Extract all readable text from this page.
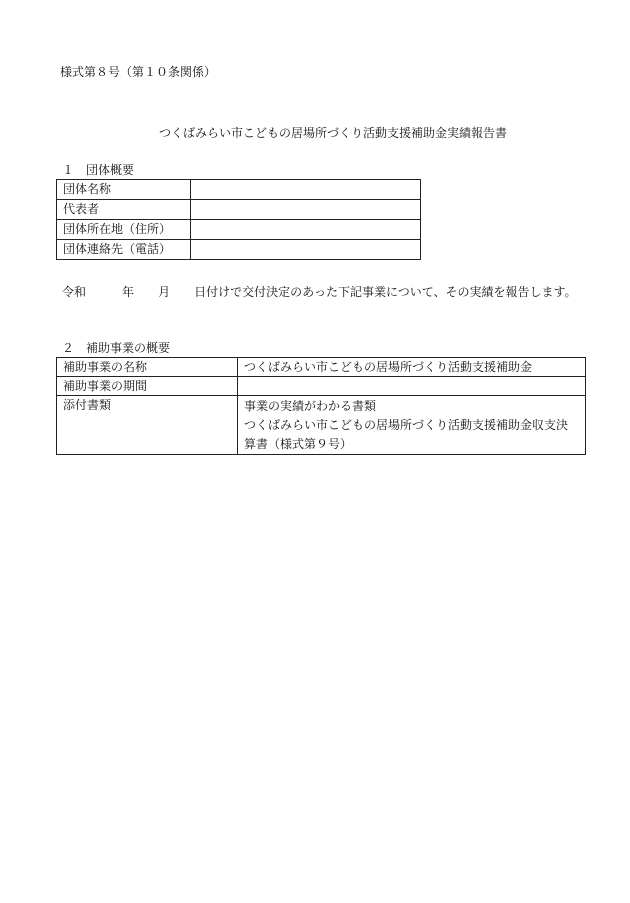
様式第８号（第１０条関係）
つくばみらい市こどもの居場所づくり活動支援補助金実績報告書
１　団体概要
団体名称	
代表者	
団体所在地（住所）	
団体連絡先（電話）	
令和　　　	年　　 月　　 日付けで交付決定のあった下記事業について、その実績を報告します。
２　補助事業の概要
補助事業の名称	つくばみらい市こどもの居場所づくり活動支援補助金
補助事業の期間	
添付書類	事業の実績がわかる書類
つくばみらい市こどもの居場所づくり活動支援補助金収支決算書（様式第９号）
